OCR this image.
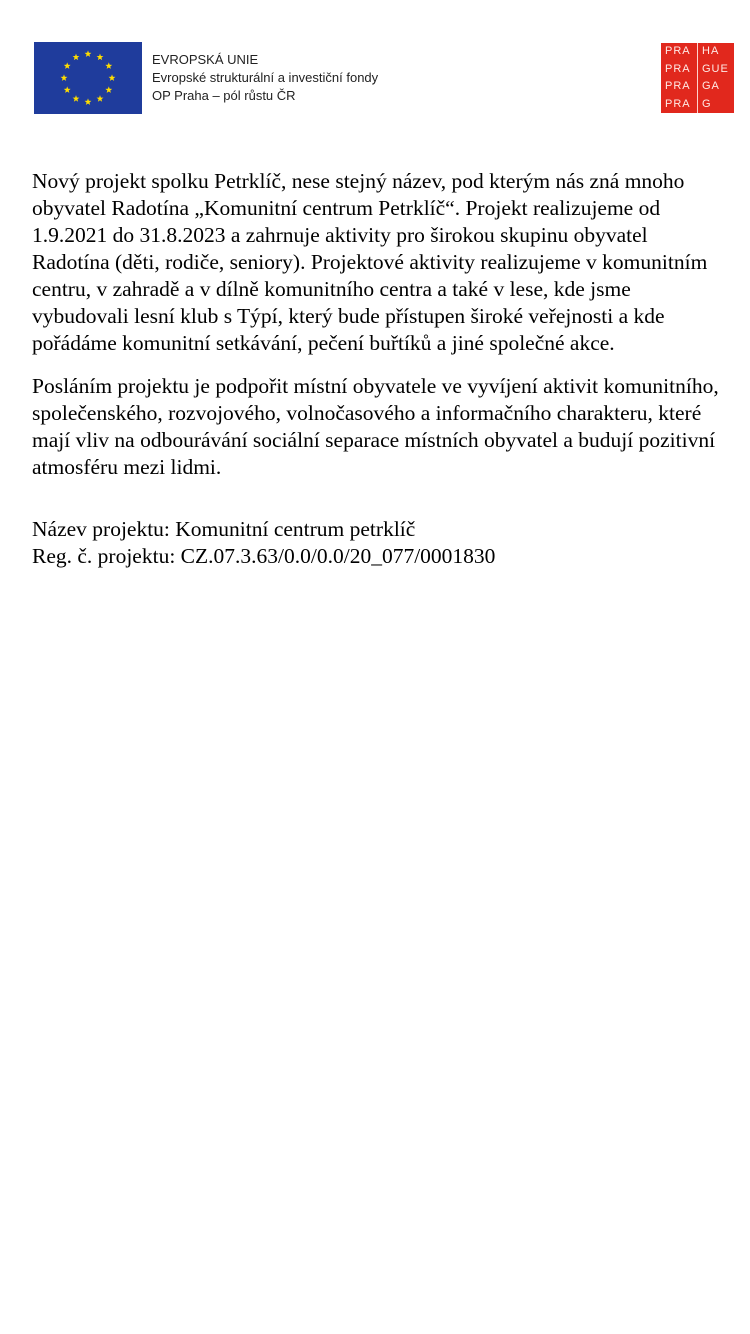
EVROPSKÁ UNIE
Evropské strukturální a investiční fondy
OP Praha – pól růstu ČR
PRA	HA
PRA	GUE
PRA	GA
PRA	G

Nový projekt spolku Petrklíč, nese stejný název, pod kterým nás zná mnoho obyvatel Radotína „Komunitní centrum Petrklíč“. Projekt realizujeme od 1.9.2021 do 31.8.2023 a zahrnuje aktivity pro širokou skupinu obyvatel Radotína (děti, rodiče, seniory). Projektové aktivity realizujeme v komunitním centru, v zahradě a v dílně komunitního centra a také v lese, kde jsme vybudovali lesní klub s Týpí, který bude přístupen široké veřejnosti a kde pořádáme komunitní setkávání, pečení buřtíků a jiné společné akce.

Posláním projektu je podpořit místní obyvatele ve vyvíjení aktivit komunitního, společenského, rozvojového, volnočasového a informačního charakteru, které mají vliv na odbourávání sociální separace místních obyvatel a budují pozitivní atmosféru mezi lidmi.

Název projektu: Komunitní centrum petrklíč
Reg. č. projektu: CZ.07.3.63/0.0/0.0/20_077/0001830
